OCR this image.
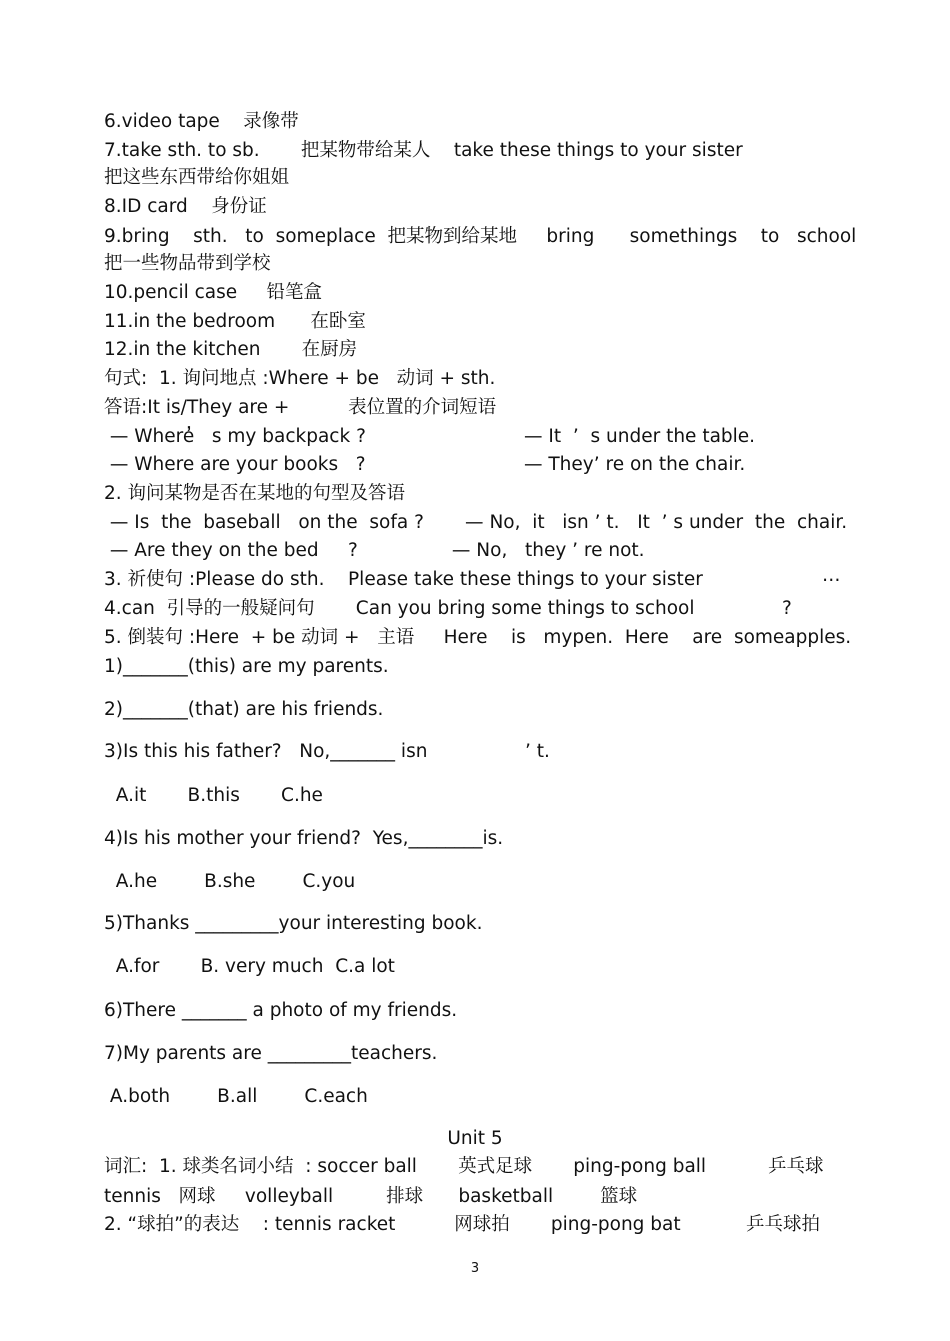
6.video tape    录像带
7.take sth. to sb.       把某物带给某人    take these things to your sister
把这些东西带给你姐姐
8.ID card    身份证
9.bring    sth.   to  someplace  把某物到给某地     bring      somethings    to   school
把一些物品带到学校
10.pencil case     铅笔盒
11.in the bedroom      在卧室
12.in the kitchen       在厨房
句式:  1. 询问地点 :Where + be   动词 + sth.
答语:It is/They are +          表位置的介词短语
— Where̓   s my backpack ?	— It  ’  s under the table.
— Where are your books   ?	— They’ re on the chair.
2. 询问某物是否在某地的句型及答语
— Is  the  baseball   on the  sofa ?       — No,  it   isn ’ t.   It  ’ s under  the  chair.
— Are they on the bed     ?                — No,   they ’ re not.
3. 祈使句 :Please do sth.    Please take these things to your sister	…
4.can  引导的一般疑问句       Can you bring some things to school	?
5. 倒装句 :Here  + be 动词 +   主语     Here    is   mypen.  Here    are  someapples.
1)_______(this) are my parents.
2)_______(that) are his friends.
3)Is this his father?   No,_______ isn	’ t.
A.it       B.this       C.he
4)Is his mother your friend?  Yes,________is.
A.he        B.she        C.you
5)Thanks _________your interesting book.
A.for       B. very much  C.a lot
6)There _______ a photo of my friends.
7)My parents are _________teachers.
A.both        B.all        C.each
Unit 5
词汇:  1. 球类名词小结  : soccer ball       英式足球       ping-pong ball	乒乓球
tennis   网球     volleyball         排球      basketball        篮球
2. “球拍”的表达    : tennis racket          网球拍       ping-pong bat	乒乓球拍
3
